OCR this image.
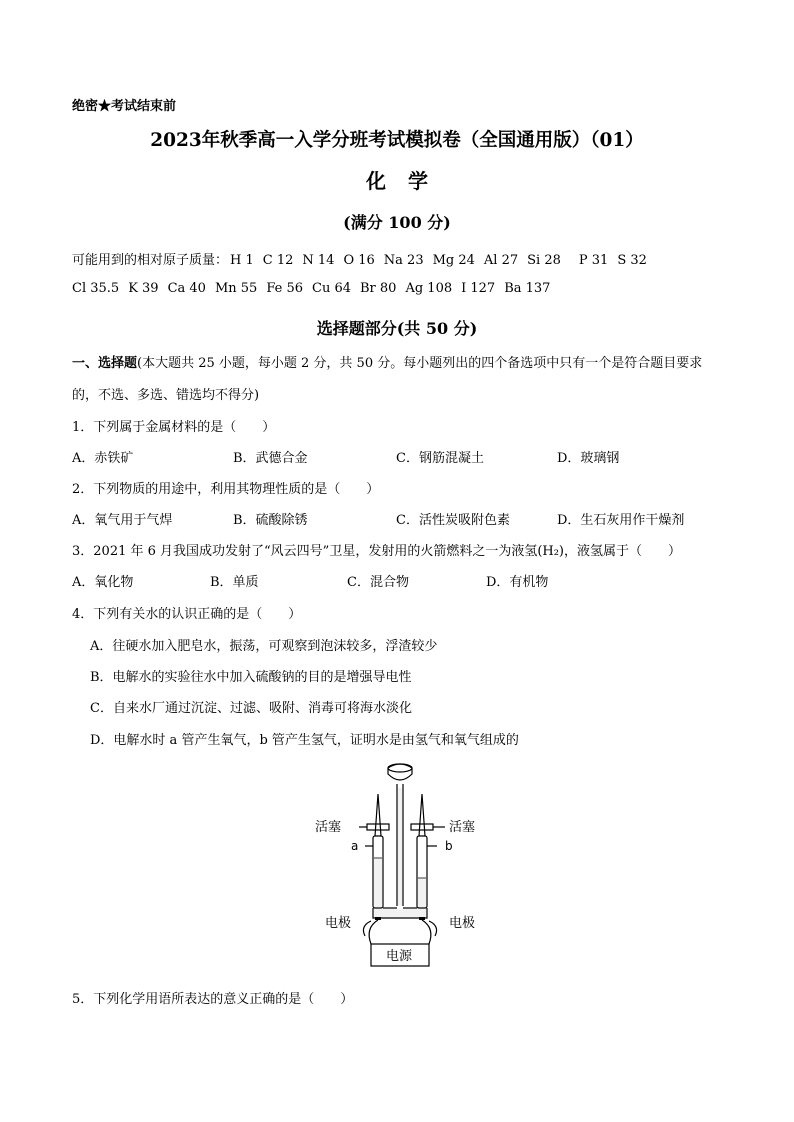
绝密★考试结束前
2023年秋季高一入学分班考试模拟卷（全国通用版）（01）
化学
(满分 100 分)
可能用到的相对原子质量： H 1 C 12 N 14 O 16 Na 23 Mg 24 Al 27 Si 28 P 31 S 32
Cl 35.5 K 39 Ca 40 Mn 55 Fe 56 Cu 64 Br 80 Ag 108 I 127 Ba 137
选择题部分(共 50 分)
一、选择题(本大题共 25 小题，每小题 2 分，共 50 分。每小题列出的四个备选项中只有一个是符合题目要求
的，不选、多选、错选均不得分)
1．下列属于金属材料的是（　　）
A．赤铁矿	B．武德合金	C．钢筋混凝土	D．玻璃钢
2．下列物质的用途中，利用其物理性质的是（　　）
A．氧气用于气焊	B．硫酸除锈	C．活性炭吸附色素	D．生石灰用作干燥剂
3．2021 年 6 月我国成功发射了“风云四号”卫星，发射用的火箭燃料之一为液氢(H₂)，液氢属于（　　）
A．氧化物	B．单质	C．混合物	D．有机物
4．下列有关水的认识正确的是（　　）
A．往硬水加入肥皂水，振荡，可观察到泡沫较多，浮渣较少
B．电解水的实验往水中加入硫酸钠的目的是增强导电性
C．自来水厂通过沉淀、过滤、吸附、消毒可将海水淡化
D．电解水时 a 管产生氧气，b 管产生氢气，证明水是由氢气和氧气组成的
活塞	活塞
a	b
电极	电极
电源
5．下列化学用语所表达的意义正确的是（　　）
